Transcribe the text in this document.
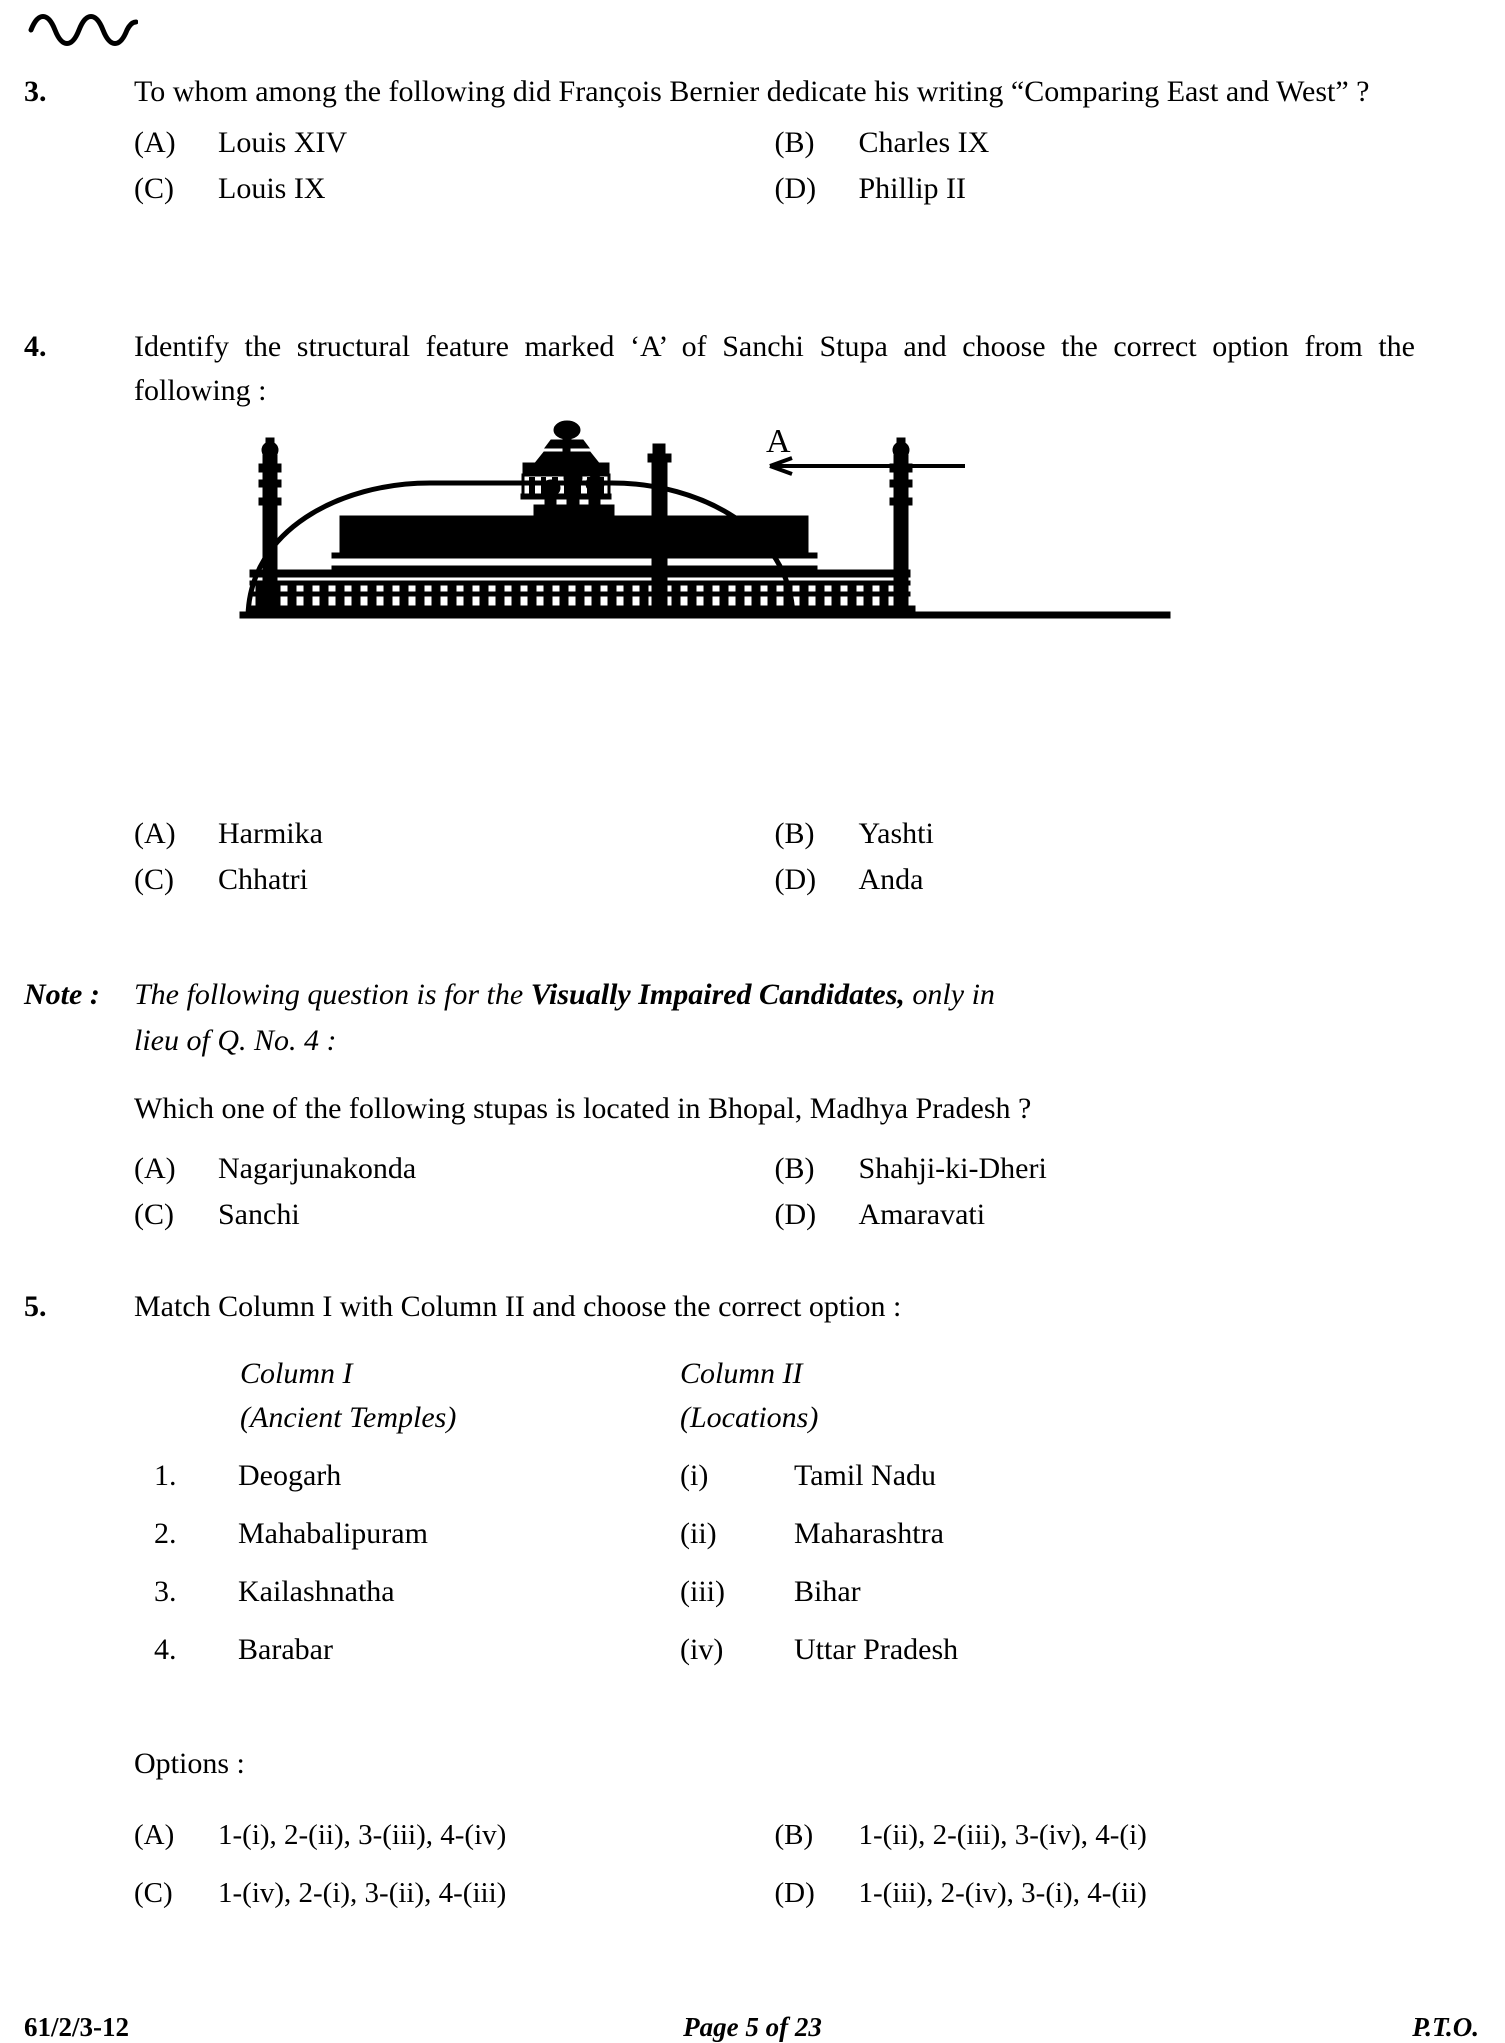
3.	To whom among the following did François Bernier dedicate his writing “Comparing East and West” ?
(A)	Louis XIV	(B)	Charles IX
(C)	Louis IX	(D)	Phillip II
4.	Identify the structural feature marked ‘A’ of Sanchi Stupa and choose the correct option from the following :
A
(A)	Harmika	(B)	Yashti
(C)	Chhatri	(D)	Anda
Note : The following question is for the Visually Impaired Candidates, only in
lieu of Q. No. 4 :
Which one of the following stupas is located in Bhopal, Madhya Pradesh ?
(A)	Nagarjunakonda	(B)	Shahji-ki-Dheri
(C)	Sanchi	(D)	Amaravati
5.	Match Column I with Column II and choose the correct option :
Column I	Column II
(Ancient Temples)	(Locations)
1.	Deogarh	(i)	Tamil Nadu
2.	Mahabalipuram	(ii)	Maharashtra
3.	Kailashnatha	(iii)	Bihar
4.	Barabar	(iv)	Uttar Pradesh
Options :
(A)	1-(i), 2-(ii), 3-(iii), 4-(iv)	(B)	1-(ii), 2-(iii), 3-(iv), 4-(i)
(C)	1-(iv), 2-(i), 3-(ii), 4-(iii)	(D)	1-(iii), 2-(iv), 3-(i), 4-(ii)
61/2/3-12	Page 5 of 23	P.T.O.
